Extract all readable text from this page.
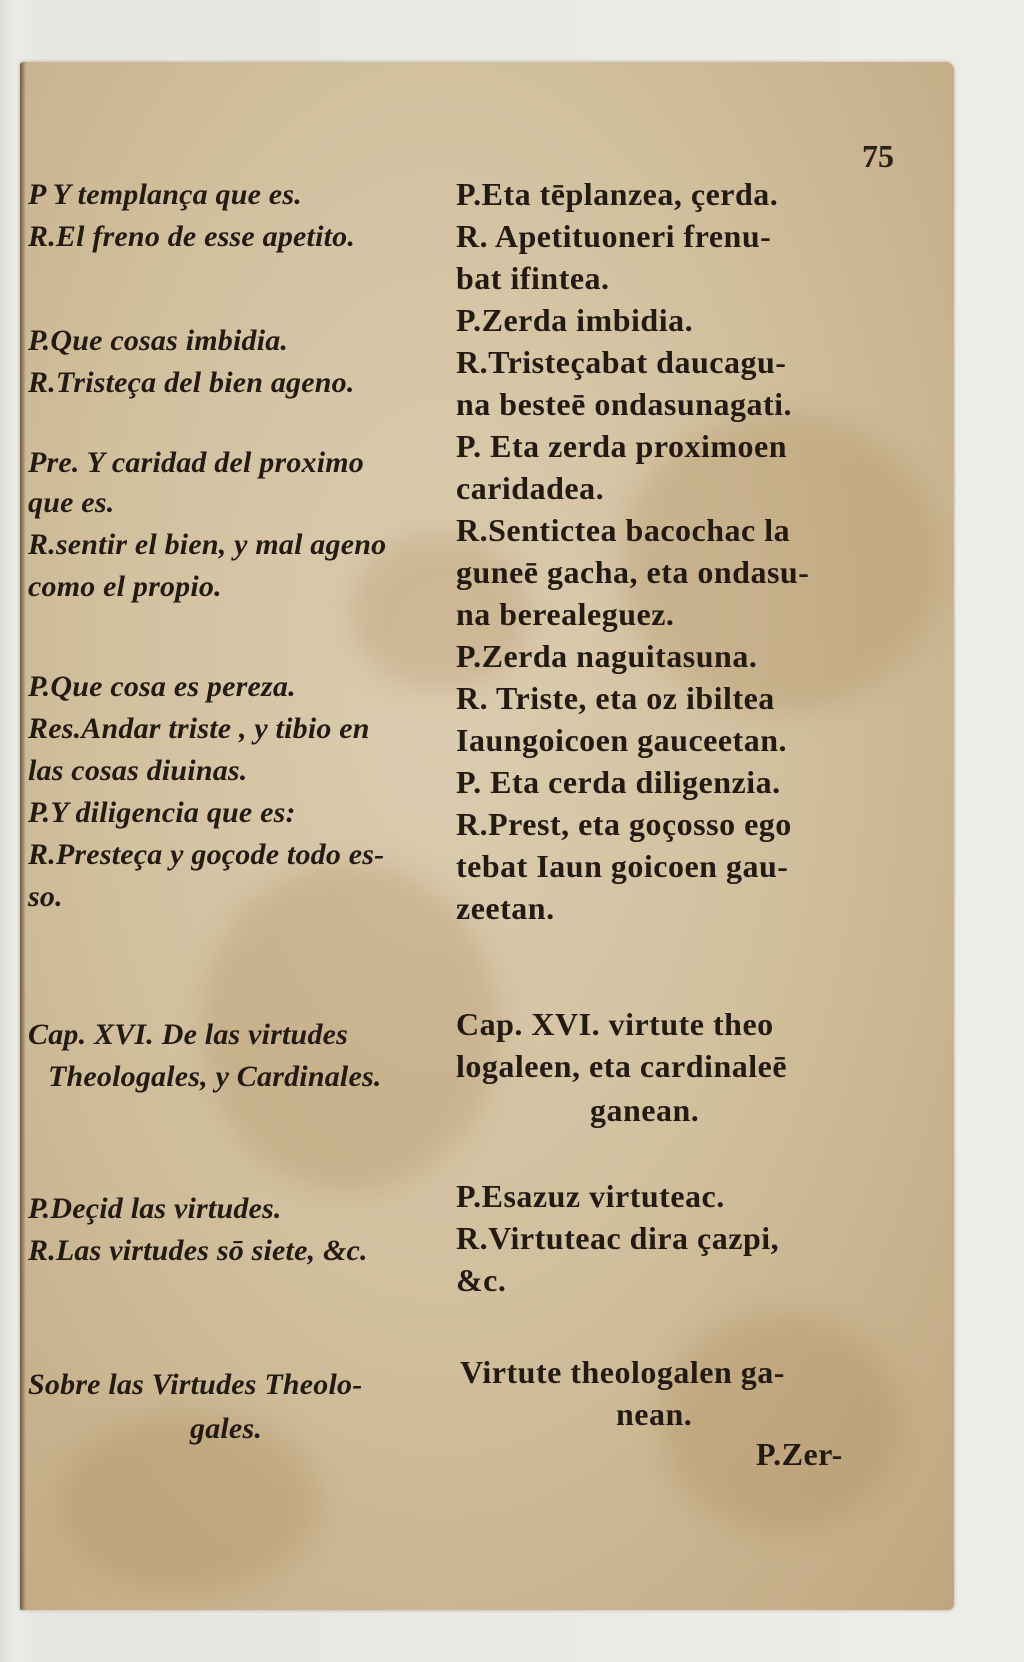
75
P Y templança que es.
R.El freno de esse apetito.
P.Que cosas imbidia.
R.Tristeça del bien ageno.
Pre. Y caridad del proximo
que es.
R.sentir el bien, y mal ageno
como el propio.
P.Que cosa es pereza.
Res.Andar triste , y tibio en
las cosas diuinas.
P.Y diligencia que es:
R.Presteça y goçode todo es-
so.
Cap. XVI. De las virtudes
Theologales, y Cardinales.
P.Deçid las virtudes.
R.Las virtudes sō siete, &c.
Sobre las Virtudes Theolo-
gales.
P.Eta tēplanzea, çerda.
R. Apetituoneri frenu-
bat ifintea.
P.Zerda imbidia.
R.Tristeçabat daucagu-
na besteē ondasunagati.
P. Eta zerda proximoen
caridadea.
R.Sentictea bacochac la
guneē gacha, eta ondasu-
na berealeguez.
P.Zerda naguitasuna.
R. Triste, eta oz ibiltea
Iaungoicoen gauceetan.
P. Eta cerda diligenzia.
R.Prest, eta goçosso ego
tebat Iaun goicoen gau-
zeetan.
Cap. XVI. virtute theo
logaleen, eta cardinaleē
ganean.
P.Esazuz virtuteac.
R.Virtuteac dira çazpi,
&c.
Virtute theologalen ga-
nean.
P.Zer-
